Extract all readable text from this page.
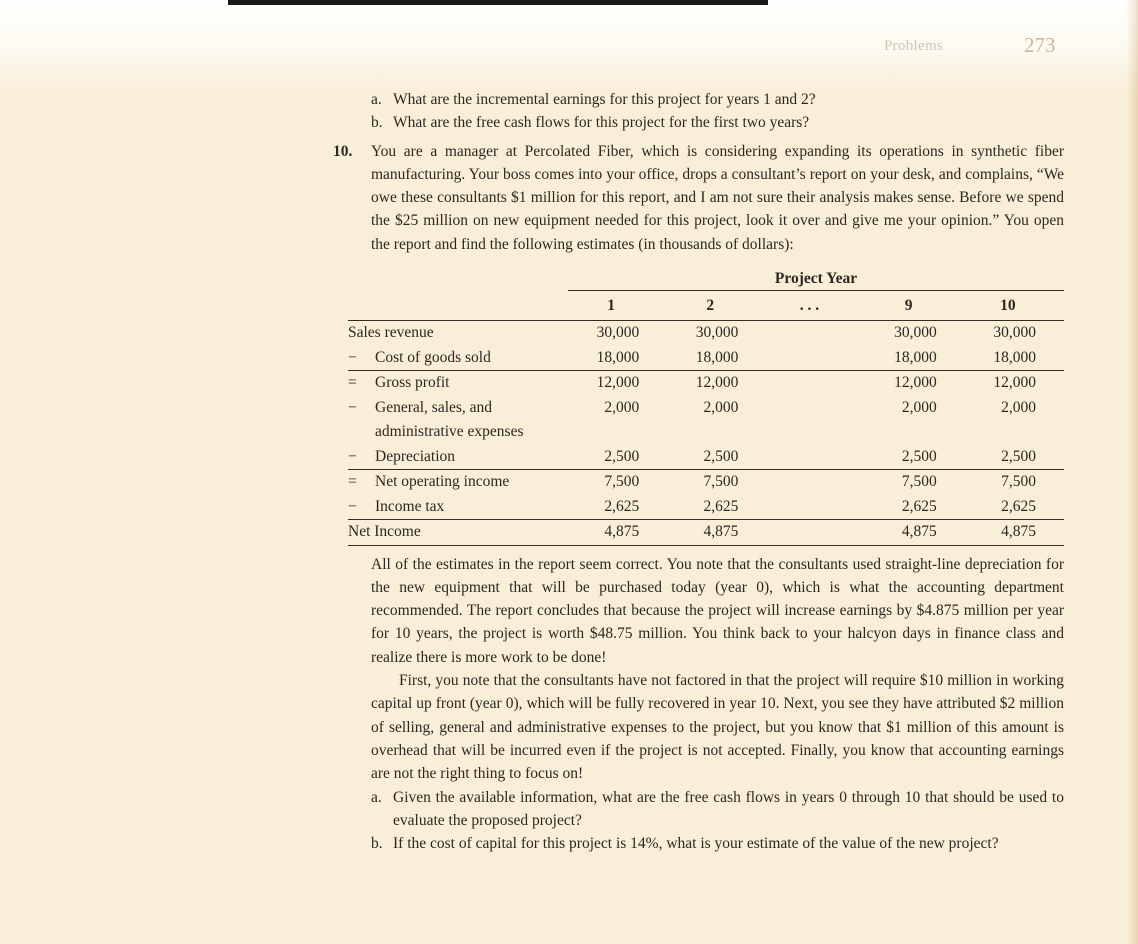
Problems	273
a. What are the incremental earnings for this project for years 1 and 2?
b. What are the free cash flows for this project for the first two years?
10. You are a manager at Percolated Fiber, which is considering expanding its operations in synthetic fiber manufacturing. Your boss comes into your office, drops a consultant’s report on your desk, and complains, “We owe these consultants $1 million for this report, and I am not sure their analysis makes sense. Before we spend the $25 million on new equipment needed for this project, look it over and give me your opinion.” You open the report and find the following estimates (in thousands of dollars):
	Project Year				
	1	2	. . .	9	10

Sales revenue	30,000	30,000		30,000	30,000

− Cost of goods sold	18,000	18,000		18,000	18,000

= Gross profit	12,000	12,000		12,000	12,000

− General, sales, and administrative expenses	2,000	2,000		2,000	2,000

− Depreciation	2,500	2,500		2,500	2,500

= Net operating income	7,500	7,500		7,500	7,500

− Income tax	2,625	2,625		2,625	2,625

Net Income	4,875	4,875		4,875	4,875
All of the estimates in the report seem correct. You note that the consultants used straight-line depreciation for the new equipment that will be purchased today (year 0), which is what the accounting department recommended. The report concludes that because the project will increase earnings by $4.875 million per year for 10 years, the project is worth $48.75 million. You think back to your halcyon days in finance class and realize there is more work to be done!
First, you note that the consultants have not factored in that the project will require $10 million in working capital up front (year 0), which will be fully recovered in year 10. Next, you see they have attributed $2 million of selling, general and administrative expenses to the project, but you know that $1 million of this amount is overhead that will be incurred even if the project is not accepted. Finally, you know that accounting earnings are not the right thing to focus on!
a. Given the available information, what are the free cash flows in years 0 through 10 that should be used to evaluate the proposed project?
b. If the cost of capital for this project is 14%, what is your estimate of the value of the new project?
